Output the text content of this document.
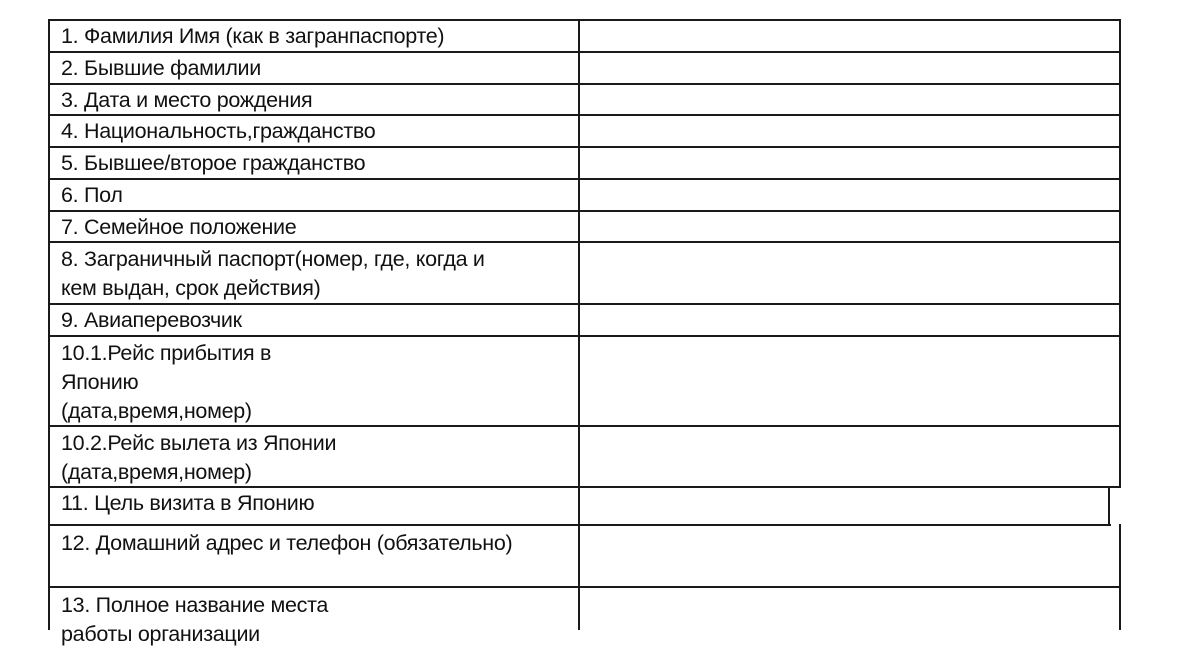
1. Фамилия Имя (как в загранпаспорте)
2. Бывшие фамилии
3. Дата и место рождения
4. Национальность,гражданство
5. Бывшее/второе гражданство
6. Пол
7. Семейное положение
8. Заграничный паспорт(номер, где, когда и
кем выдан, срок действия)
9. Авиаперевозчик
10.1.Рейс прибытия в
Японию
(дата,время,номер)
10.2.Рейс вылета из Японии
(дата,время,номер)
11. Цель визита в Японию
12. Домашний адрес и телефон (обязательно)
13. Полное название места
работы организации
